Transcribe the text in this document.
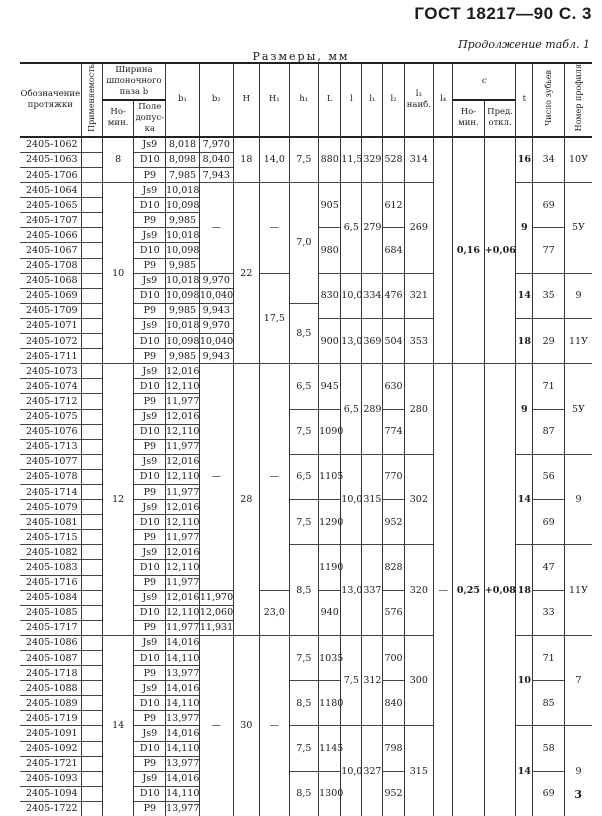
ГОСТ 18217—90 С. 3
Продолжение табл. 1
Размеры, мм
Обозначение протяжки	Применяемость	Ширина шпоночного паза b		b₁	b₂	H	H₁	h₁	L	l	l₁	l₂	l₃ наиб.	l₄	c		t	Число зубьев	Номер профиля
		Но-мин.	Поле допус-ка												Но-мин.	Пред. откл.			
2405-1062		8	Js9	8,018	7,970	18	14,0	7,5	880	11,5	329	528	314		0,16	+0,06	16	34	10У
2405-1063			D10	8,098	8,040														
2405-1706			P9	7,985	7,943														
2405-1064		10	Js9	10,018	—	22	—	7,0	905	6,5	279	612	269				9	69	5У
2405-1065			D10	10,098															
2405-1707			P9	9,985															
2405-1066			Js9	10,018					980			684						77	
2405-1067			D10	10,098															
2405-1708			P9	9,985															
2405-1068			Js9	10,018	9,970		17,5		830	10,0	334	476	321				14	35	9
2405-1069			D10	10,098	10,040														
2405-1709			P9	9,985	9,943			8,5											
2405-1071			Js9	10,018	9,970				900	13,0	369	504	353				18	29	11У
2405-1072			D10	10,098	10,040														
2405-1711			P9	9,985	9,943														
2405-1073		12	Js9	12,016	—	28	—	6,5	945	6,5	289	630	280	—	0,25	+0,08	9	71	5У
2405-1074			D10	12,110															
2405-1712			P9	11,977															
2405-1075			Js9	12,016				7,5	1090			774						87	
2405-1076			D10	12,110															
2405-1713			P9	11,977															
2405-1077			Js9	12,016				6,5	1105	10,0	315	770	302				14	56	9
2405-1078			D10	12,110															
2405-1714			P9	11,977															
2405-1079			Js9	12,016				7,5	1290			952						69	
2405-1081			D10	12,110															
2405-1715			P9	11,977															
2405-1082			Js9	12,016				8,5	1190	13,0	337	828	320				18	47	11У
2405-1083			D10	12,110															
2405-1716			P9	11,977															
2405-1084			Js9	12,016	11,970		23,0		940			576						33	
2405-1085			D10	12,110	12,060														
2405-1717			P9	11,977	11,931														
2405-1086		14	Js9	14,016	—	30	—	7,5	1035	7,5	312	700	300				10	71	7
2405-1087			D10	14,110															
2405-1718			P9	13,977															
2405-1088			Js9	14,016				8,5	1180			840						85	
2405-1089			D10	14,110															
2405-1719			P9	13,977															
2405-1091			Js9	14,016				7,5	1145	10,0	327	798	315				14	58	9
2405-1092			D10	14,110															
2405-1721			P9	13,977															
2405-1093			Js9	14,016				8,5	1300			952						69	
2405-1094			D10	14,110															
2405-1722			P9	13,977															
3
